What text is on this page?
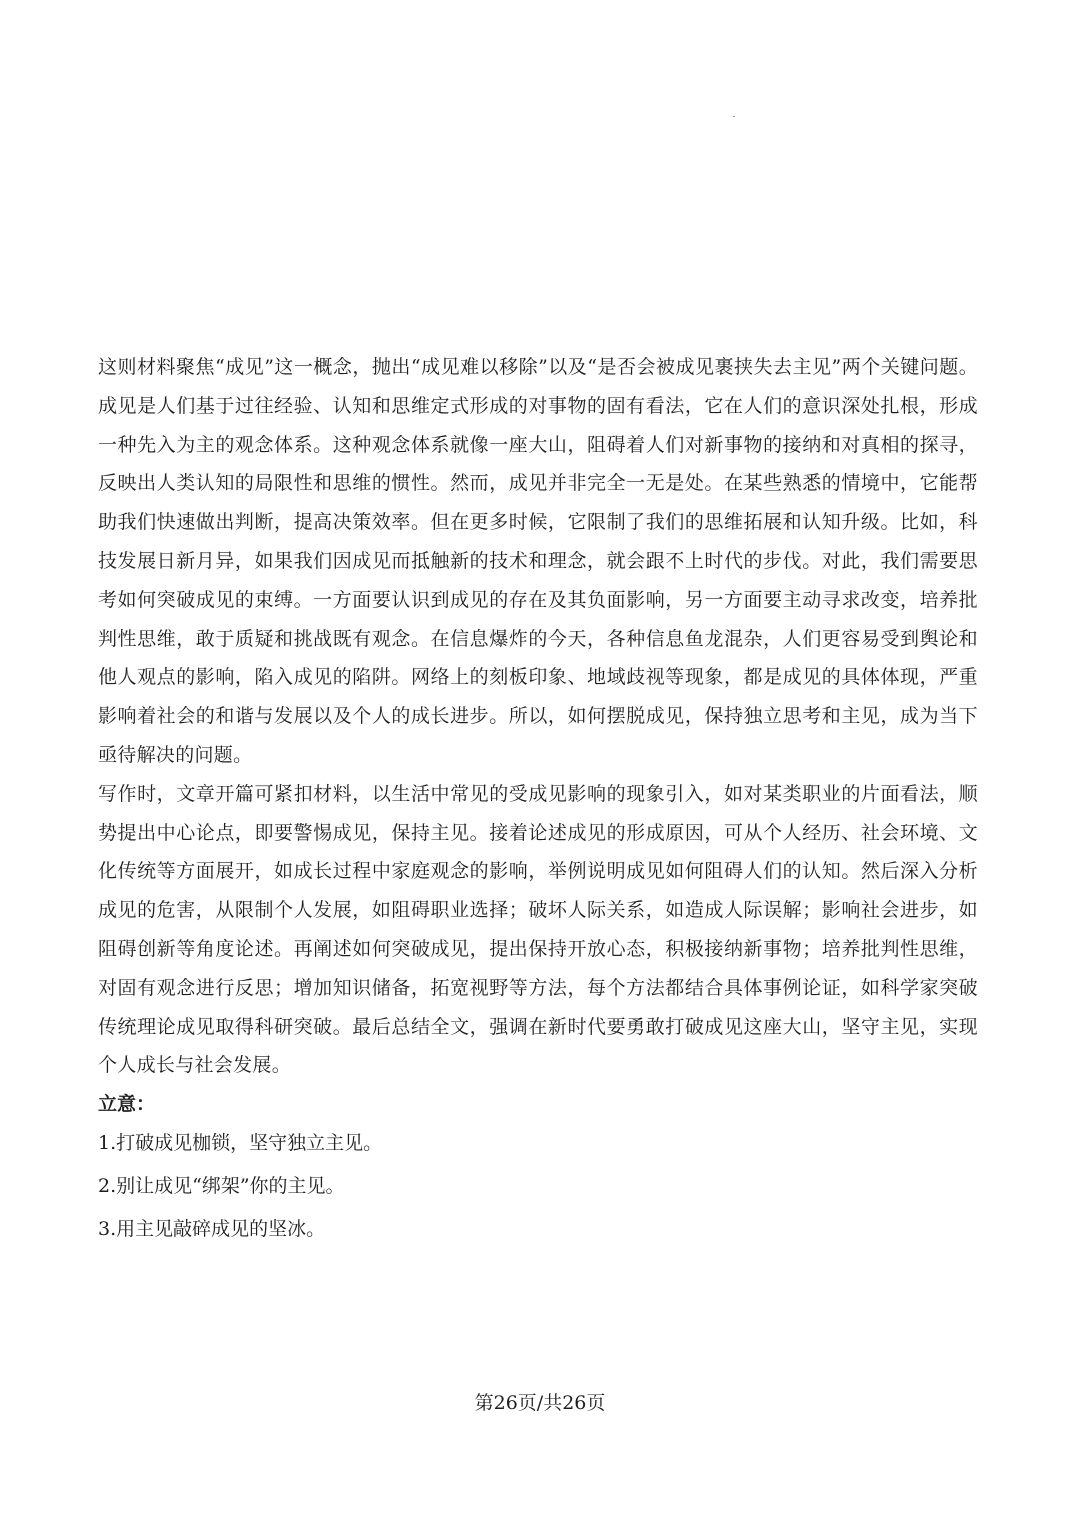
这则材料聚焦“成见”这一概念，抛出“成见难以移除”以及“是否会被成见裹挟失去主见”两个关键问题。成见是人们基于过往经验、认知和思维定式形成的对事物的固有看法，它在人们的意识深处扎根，形成一种先入为主的观念体系。这种观念体系就像一座大山，阻碍着人们对新事物的接纳和对真相的探寻，反映出人类认知的局限性和思维的惯性。然而，成见并非完全一无是处。在某些熟悉的情境中，它能帮助我们快速做出判断，提高决策效率。但在更多时候，它限制了我们的思维拓展和认知升级。比如，科技发展日新月异，如果我们因成见而抵触新的技术和理念，就会跟不上时代的步伐。对此，我们需要思考如何突破成见的束缚。一方面要认识到成见的存在及其负面影响，另一方面要主动寻求改变，培养批判性思维，敢于质疑和挑战既有观念。在信息爆炸的今天，各种信息鱼龙混杂，人们更容易受到舆论和他人观点的影响，陷入成见的陷阱。网络上的刻板印象、地域歧视等现象，都是成见的具体体现，严重影响着社会的和谐与发展以及个人的成长进步。所以，如何摆脱成见，保持独立思考和主见，成为当下亟待解决的问题。

写作时，文章开篇可紧扣材料，以生活中常见的受成见影响的现象引入，如对某类职业的片面看法，顺势提出中心论点，即要警惕成见，保持主见。接着论述成见的形成原因，可从个人经历、社会环境、文化传统等方面展开，如成长过程中家庭观念的影响，举例说明成见如何阻碍人们的认知。然后深入分析成见的危害，从限制个人发展，如阻碍职业选择；破坏人际关系，如造成人际误解；影响社会进步，如阻碍创新等角度论述。再阐述如何突破成见，提出保持开放心态，积极接纳新事物；培养批判性思维，对固有观念进行反思；增加知识储备，拓宽视野等方法，每个方法都结合具体事例论证，如科学家突破传统理论成见取得科研突破。最后总结全文，强调在新时代要勇敢打破成见这座大山，坚守主见，实现个人成长与社会发展。

立意：

1.打破成见枷锁，坚守独立主见。
2.别让成见“绑架”你的主见。
3.用主见敲碎成见的坚冰。
第26页/共26页
